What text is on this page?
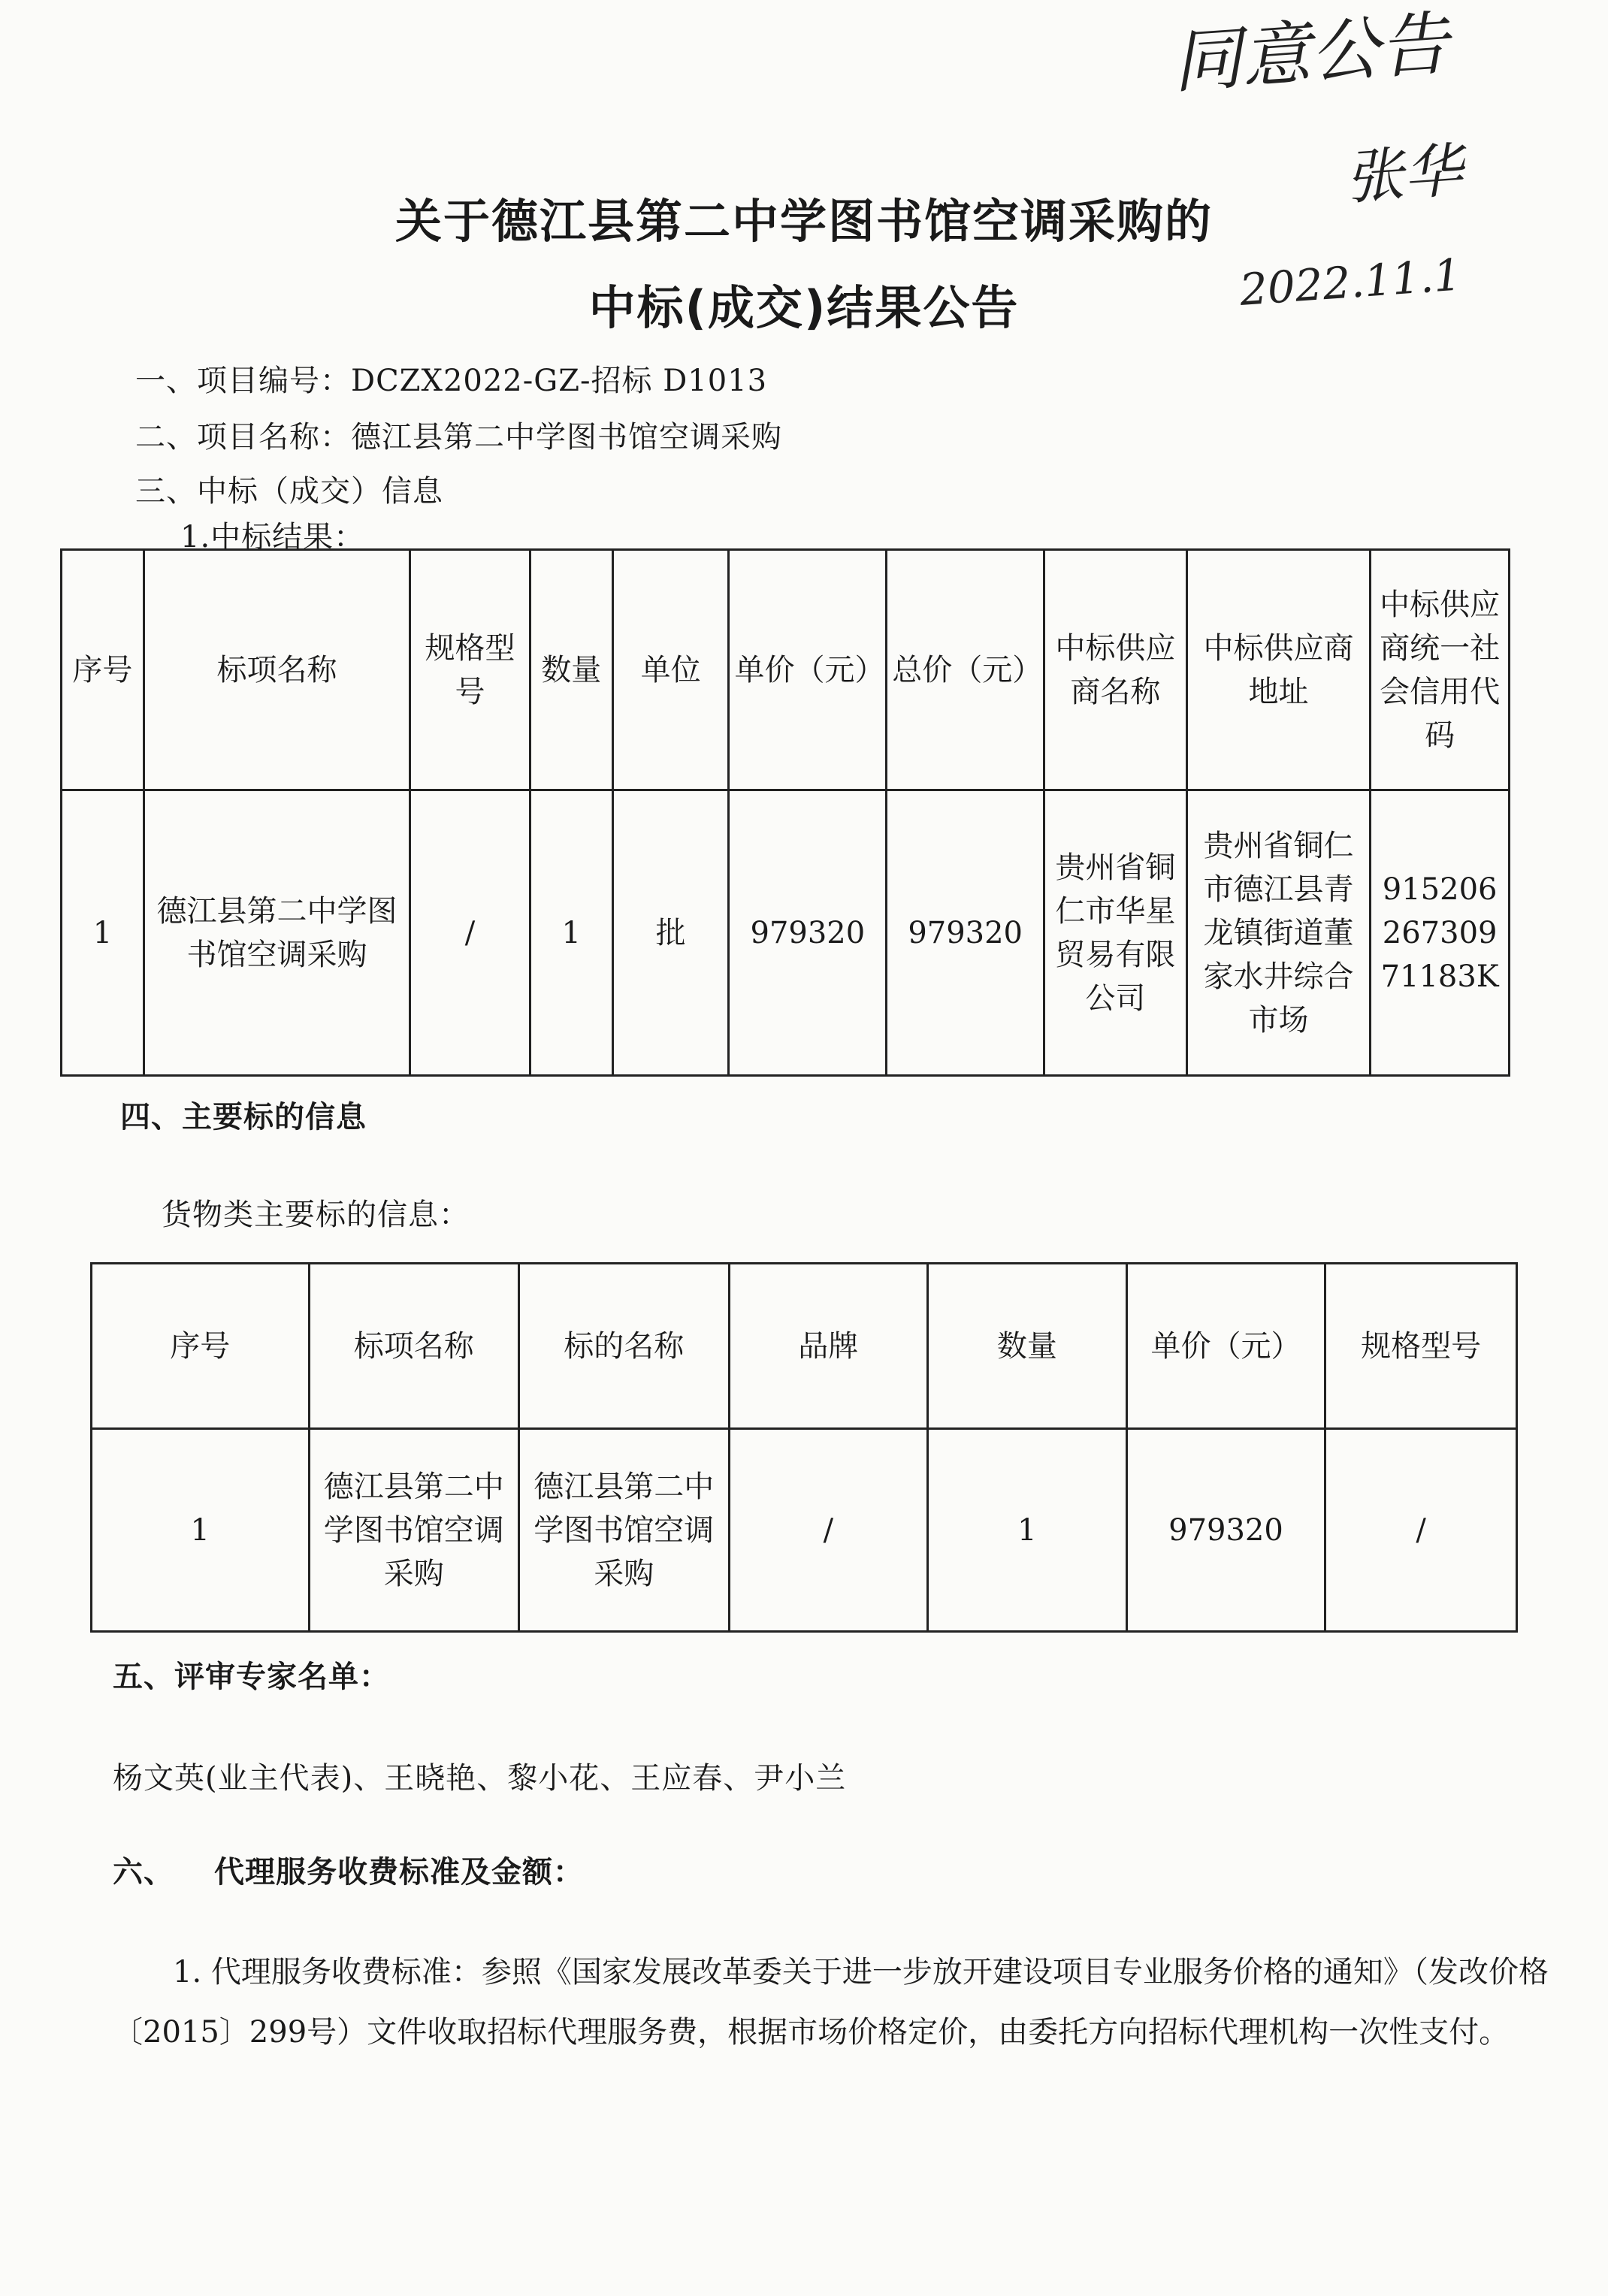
同意公告
张华
2022.11.1
关于德江县第二中学图书馆空调采购的
中标(成交)结果公告
一、项目编号：DCZX2022-GZ-招标 D1013
二、项目名称：德江县第二中学图书馆空调采购
三、中标（成交）信息
1.中标结果：
序号	标项名称	规格型号	数量	单位	单价（元）	总价（元）	中标供应商名称	中标供应商地址	中标供应商统一社会信用代码
1	德江县第二中学图书馆空调采购	/	1	批	979320	979320	贵州省铜仁市华星贸易有限公司	贵州省铜仁市德江县青龙镇街道董家水井综合市场	91520626730971183K
四、主要标的信息
货物类主要标的信息：
序号	标项名称	标的名称	品牌	数量	单价（元）	规格型号
1	德江县第二中学图书馆空调采购	德江县第二中学图书馆空调采购	/	1	979320	/
五、评审专家名单：
杨文英(业主代表)、王晓艳、黎小花、王应春、尹小兰
六、 代理服务收费标准及金额：
1. 代理服务收费标准：参照《国家发展改革委关于进一步放开建设项目专业服务价格的通知》（发改价格〔2015〕299号）文件收取招标代理服务费，根据市场价格定价，由委托方向招标代理机构一次性支付。
